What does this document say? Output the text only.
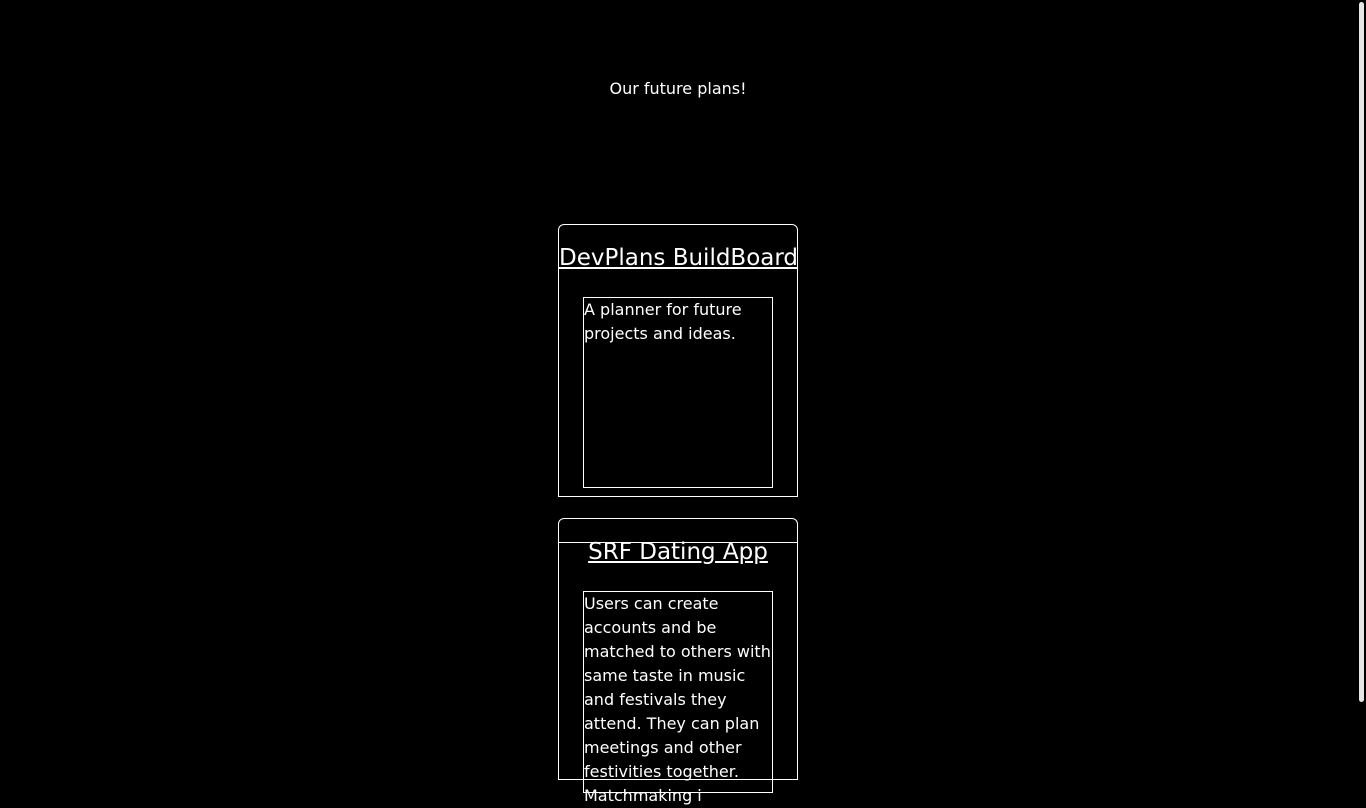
Our future plans!
DevPlans BuildBoard
A planner for future projects and ideas.
SRF Dating App
Users can create accounts and be matched to others with same taste in music and festivals they attend. They can plan meetings and other festivities together. Matchmaking i
